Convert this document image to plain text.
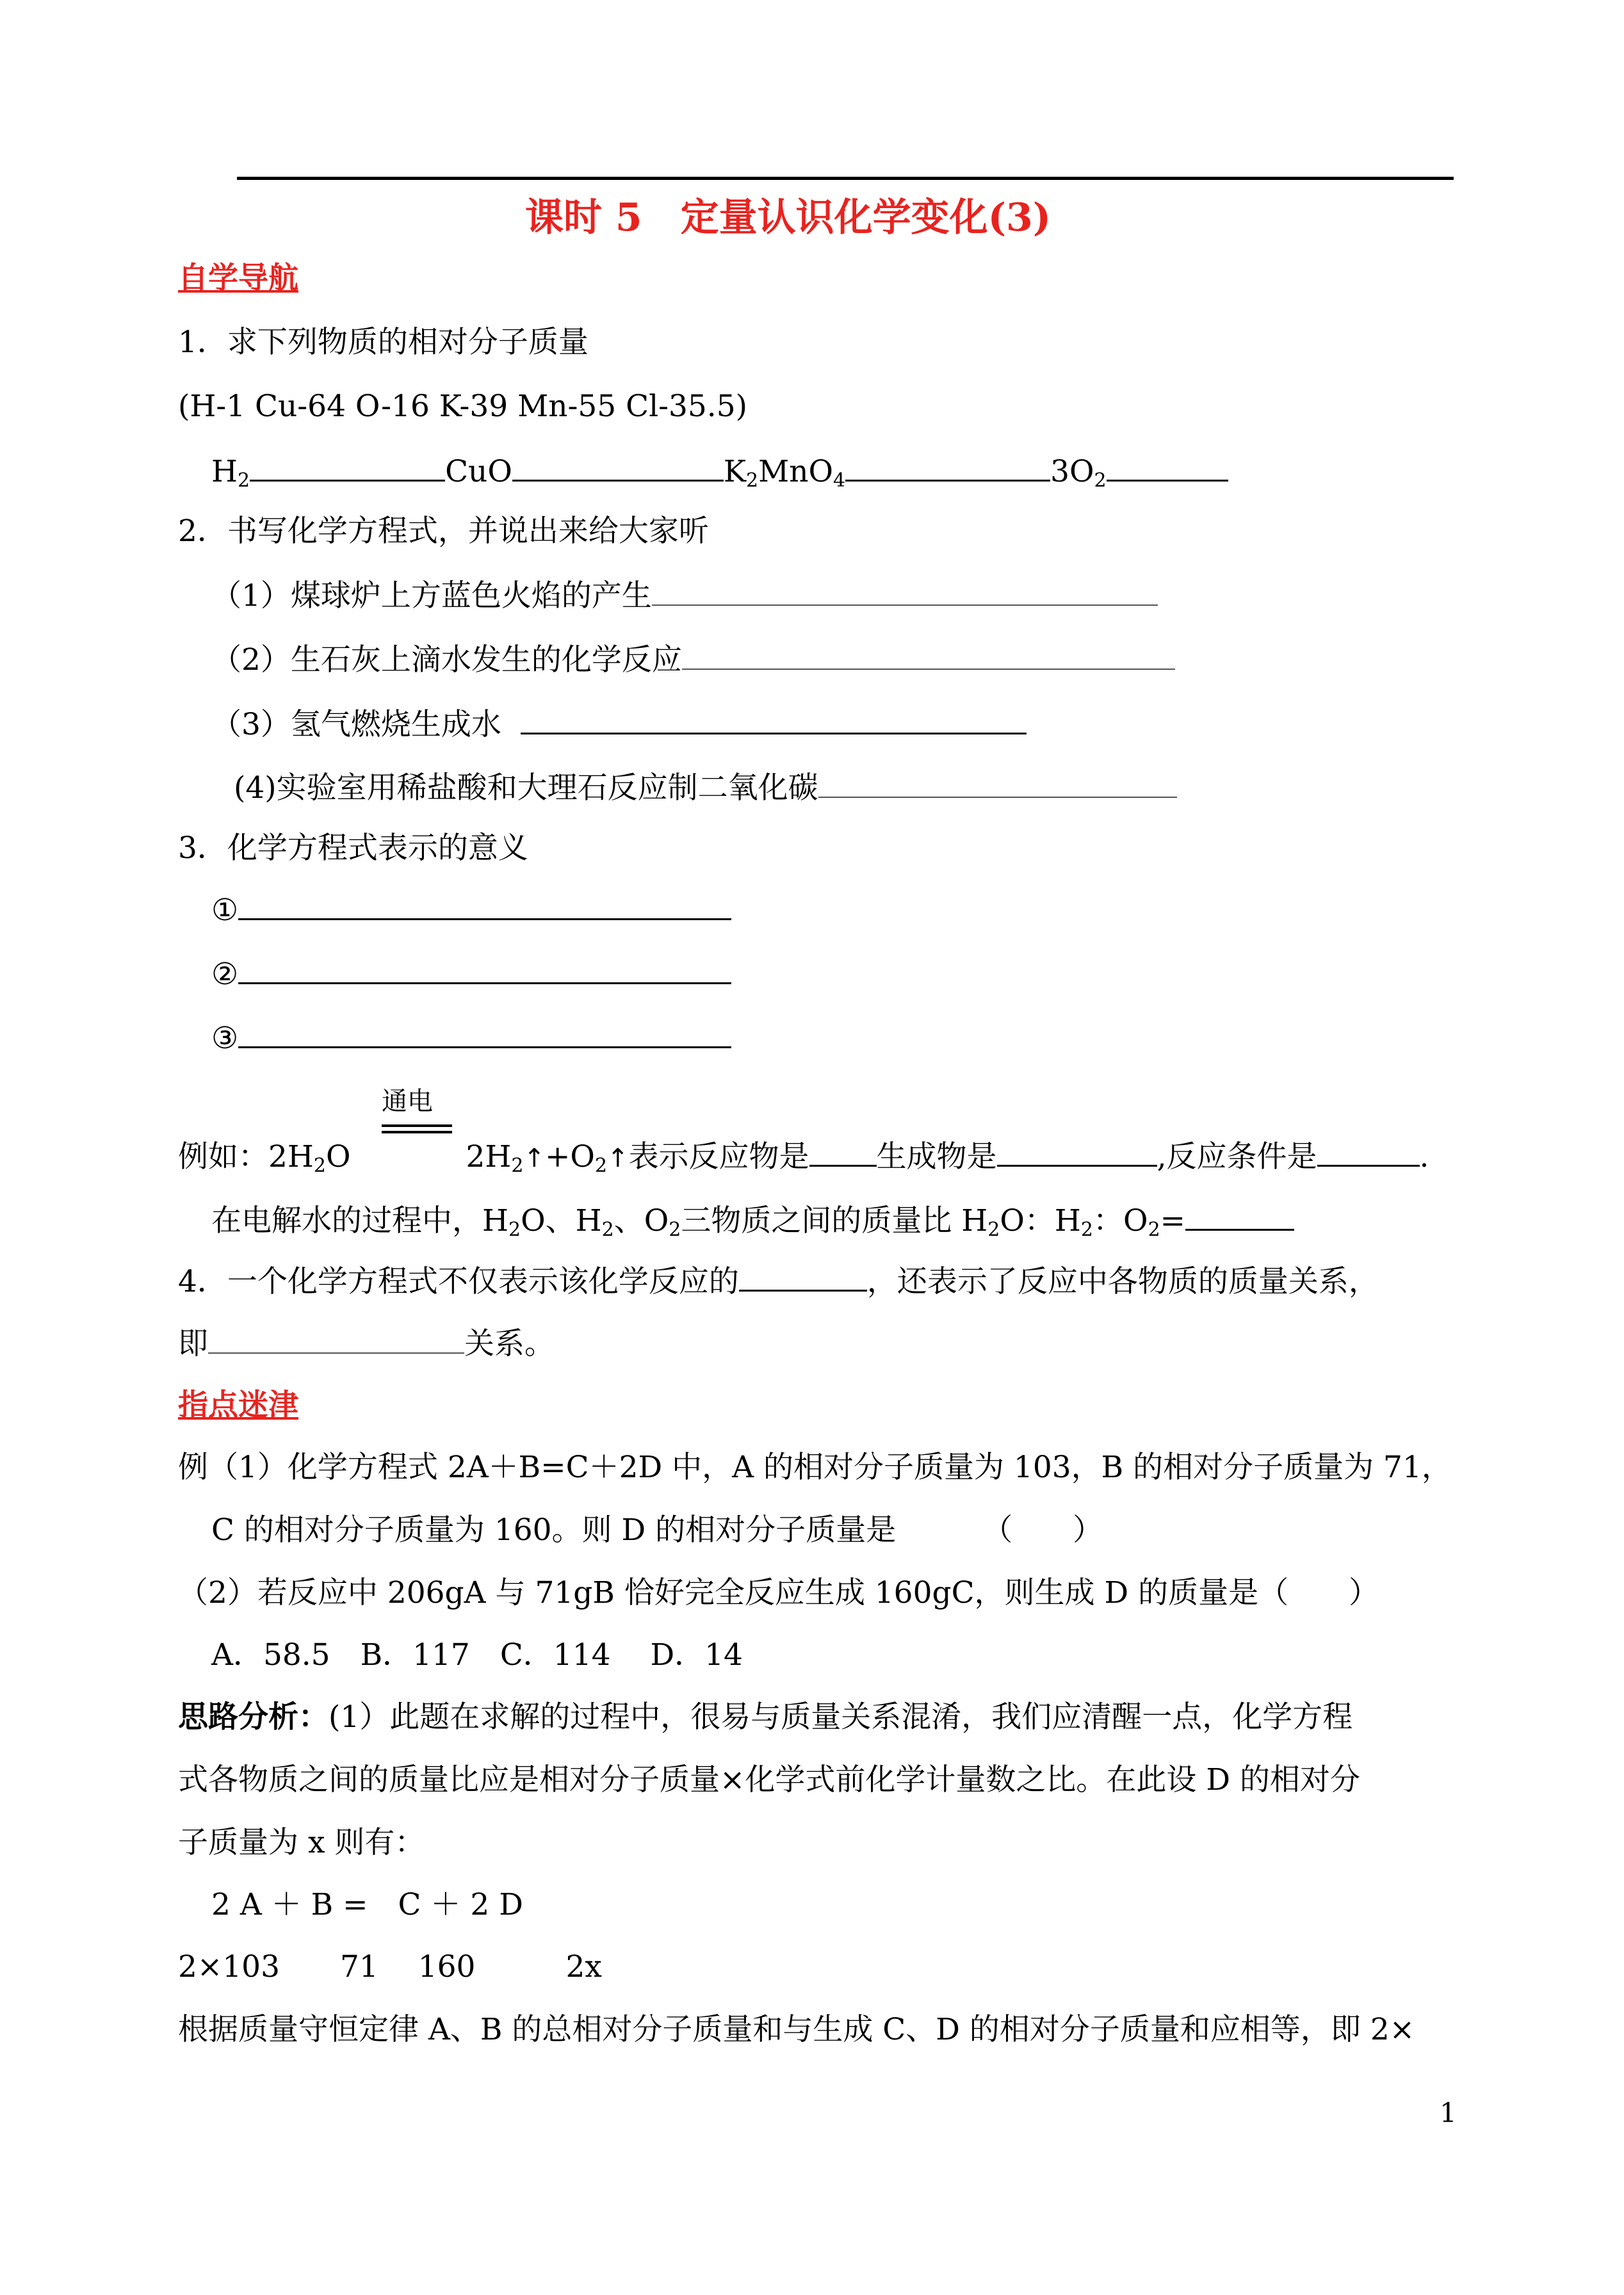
课时 5　定量认识化学变化(3)
自学导航
1．求下列物质的相对分子质量
(H-1 Cu-64 O-16 K-39 Mn-55 Cl-35.5)
$H_2$	CuO	$K_2MnO_4$	$3O_2$
2．书写化学方程式，并说出来给大家听
（1）煤球炉上方蓝色火焰的产生
（2）生石灰上滴水发生的化学反应
（3）氢气燃烧生成水
(4)实验室用稀盐酸和大理石反应制二氧化碳
3．化学方程式表示的意义
①
②
③
通电
例如：$2H_2O$	$2H_2↑+O_2↑$表示反应物是 生成物是	,反应条件是	.
在电解水的过程中，$H_2O$、$H_2$、$O_2$三物质之间的质量比 $H_2O$：$H_2$：$O_2=$
4．一个化学方程式不仅表示该化学反应的	，还表示了反应中各物质的质量关系，
即	关系。
指点迷津
例（1）化学方程式 2A＋B=C＋2D 中，A 的相对分子质量为 103，B 的相对分子质量为 71，
C 的相对分子质量为 160。则 D 的相对分子质量是	（　　）
（2）若反应中 206gA 与 71gB 恰好完全反应生成 160gC，则生成 D 的质量是（　　）
A．58.5　B．117　C．114　 D．14
思路分析：(1）此题在求解的过程中，很易与质量关系混淆，我们应清醒一点，化学方程
式各物质之间的质量比应是相对分子质量×化学式前化学计量数之比。在此设 D 的相对分
子质量为 x 则有：
2 A ＋ B =　C ＋ 2 D
2×103　　71　 160　　　2x
根据质量守恒定律 A、B 的总相对分子质量和与生成 C、D 的相对分子质量和应相等，即 2×
1
